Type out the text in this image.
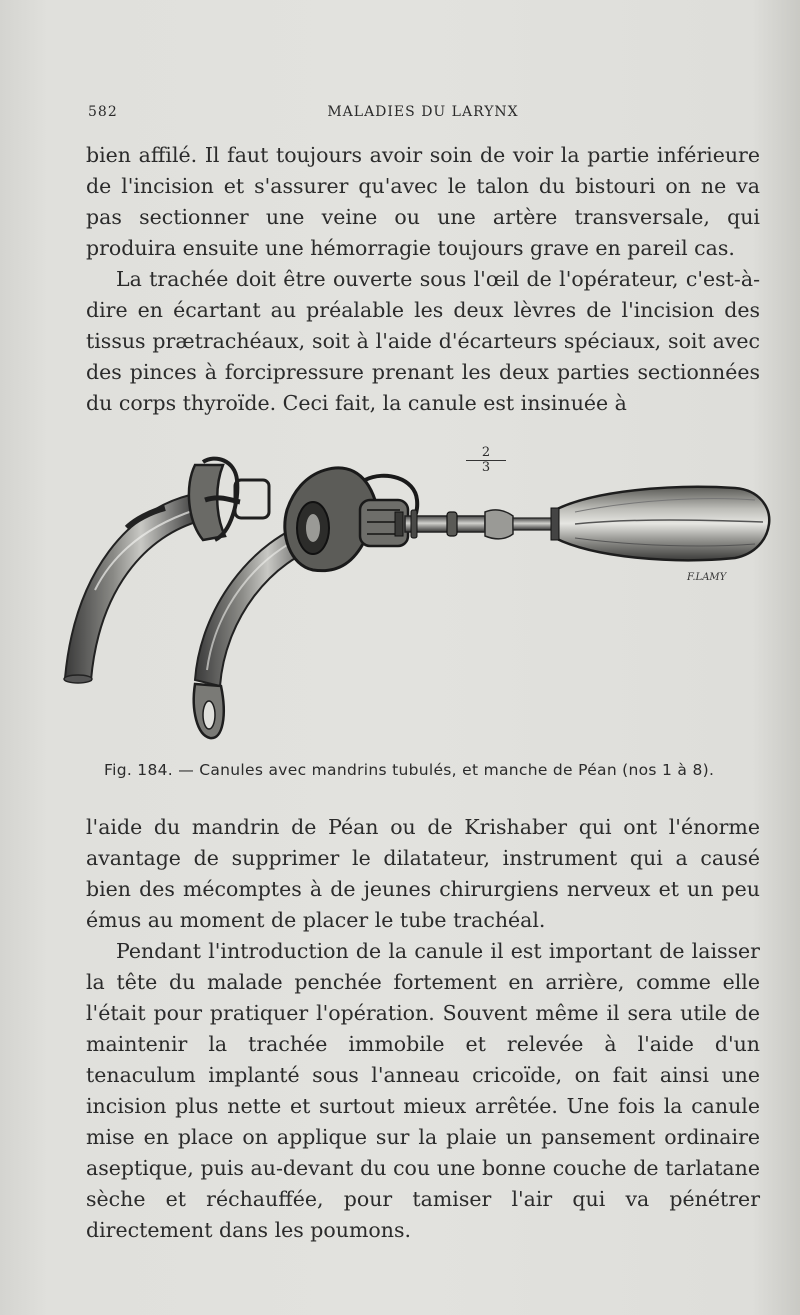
582	MALADIES DU LARYNX

bien affilé. Il faut toujours avoir soin de voir la partie inférieure de l'incision et s'assurer qu'avec le talon du bistouri on ne va pas sectionner une veine ou une artère transversale, qui produira ensuite une hémorragie toujours grave en pareil cas.

La trachée doit être ouverte sous l'œil de l'opérateur, c'est-à-dire en écartant au préalable les deux lèvres de l'incision des tissus prætrachéaux, soit à l'aide d'écarteurs spéciaux, soit avec des pinces à forcipressure prenant les deux parties sectionnées du corps thyroïde. Ceci fait, la canule est insinuée à

$\frac{2}{3}$
F.LAMY
Fig. 184. — Canules avec mandrins tubulés, et manche de Péan (nos 1 à 8).

l'aide du mandrin de Péan ou de Krishaber qui ont l'énorme avantage de supprimer le dilatateur, instrument qui a causé bien des mécomptes à de jeunes chirurgiens nerveux et un peu émus au moment de placer le tube trachéal.

Pendant l'introduction de la canule il est important de laisser la tête du malade penchée fortement en arrière, comme elle l'était pour pratiquer l'opération. Souvent même il sera utile de maintenir la trachée immobile et relevée à l'aide d'un tenaculum implanté sous l'anneau cricoïde, on fait ainsi une incision plus nette et surtout mieux arrêtée. Une fois la canule mise en place on applique sur la plaie un pansement ordinaire aseptique, puis au-devant du cou une bonne couche de tarlatane sèche et réchauffée, pour tamiser l'air qui va pénétrer directement dans les poumons.
